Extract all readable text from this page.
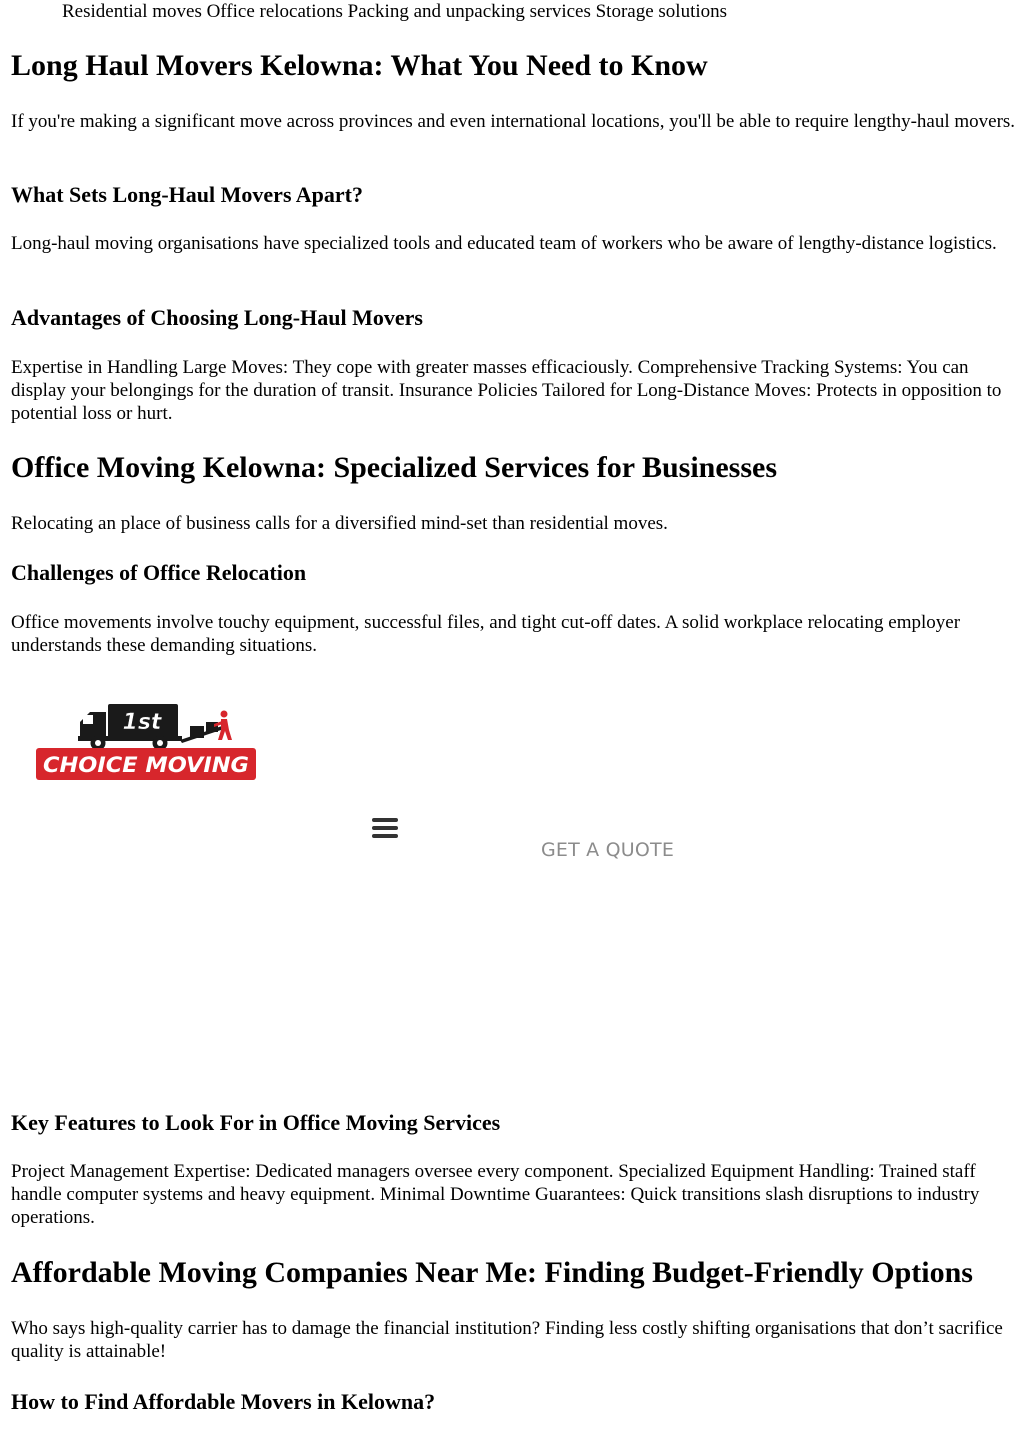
Residential moves Office relocations Packing and unpacking services Storage solutions
Long Haul Movers Kelowna: What You Need to Know

If you're making a significant move across provinces and even international locations, you'll be able to require lengthy-haul movers.

What Sets Long-Haul Movers Apart?

Long-haul moving organisations have specialized tools and educated team of workers who be aware of lengthy-distance logistics.

Advantages of Choosing Long-Haul Movers

Expertise in Handling Large Moves: They cope with greater masses efficaciously. Comprehensive Tracking Systems: You can display your belongings for the duration of transit. Insurance Policies Tailored for Long-Distance Moves: Protects in opposition to potential loss or hurt.

Office Moving Kelowna: Specialized Services for Businesses

Relocating an place of business calls for a diversified mind-set than residential moves.

Challenges of Office Relocation

Office movements involve touchy equipment, successful files, and tight cut-off dates. A solid workplace relocating employer understands these demanding situations.

Key Features to Look For in Office Moving Services

Project Management Expertise: Dedicated managers oversee every component. Specialized Equipment Handling: Trained staff handle computer systems and heavy equipment. Minimal Downtime Guarantees: Quick transitions slash disruptions to industry operations.

Affordable Moving Companies Near Me: Finding Budget-Friendly Options

Who says high-quality carrier has to damage the financial institution? Finding less costly shifting organisations that don’t sacrifice quality is attainable!

How to Find Affordable Movers in Kelowna?
1st
CHOICE MOVING
GET A QUOTE
